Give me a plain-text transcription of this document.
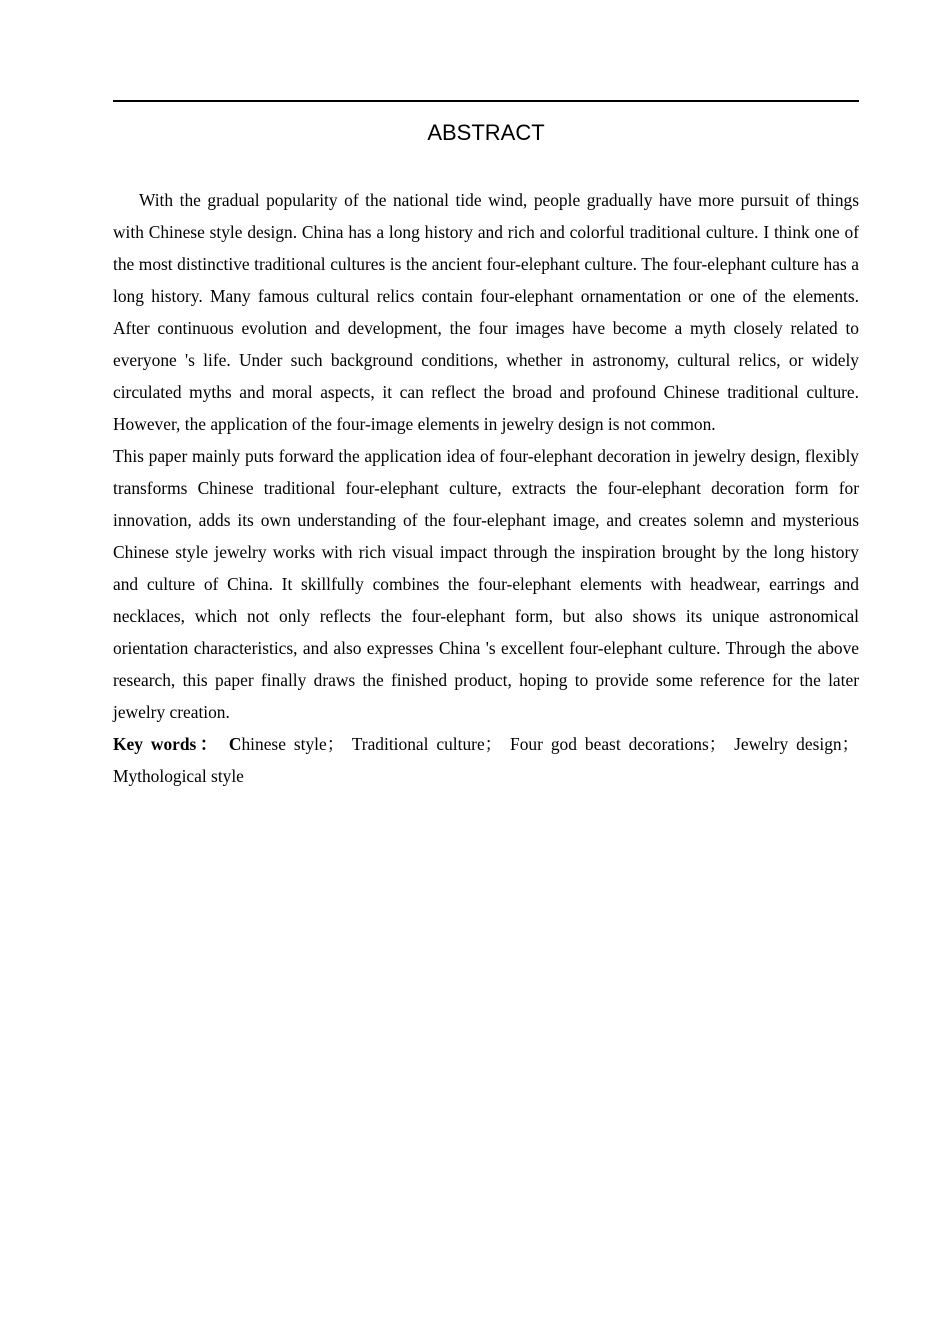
ABSTRACT

With the gradual popularity of the national tide wind, people gradually have more pursuit of things with Chinese style design. China has a long history and rich and colorful traditional culture. I think one of the most distinctive traditional cultures is the ancient four-elephant culture. The four-elephant culture has a long history. Many famous cultural relics contain four-elephant ornamentation or one of the elements. After continuous evolution and development, the four images have become a myth closely related to everyone 's life. Under such background conditions, whether in astronomy, cultural relics, or widely circulated myths and moral aspects, it can reflect the broad and profound Chinese traditional culture. However, the application of the four-image elements in jewelry design is not common.

This paper mainly puts forward the application idea of four-elephant decoration in jewelry design, flexibly transforms Chinese traditional four-elephant culture, extracts the four-elephant decoration form for innovation, adds its own understanding of the four-elephant image, and creates solemn and mysterious Chinese style jewelry works with rich visual impact through the inspiration brought by the long history and culture of China. It skillfully combines the four-elephant elements with headwear, earrings and necklaces, which not only reflects the four-elephant form, but also shows its unique astronomical orientation characteristics, and also expresses China 's excellent four-elephant culture. Through the above research, this paper finally draws the finished product, hoping to provide some reference for the later jewelry creation.

Key words： Chinese style； Traditional culture； Four god beast decorations； Jewelry design；Mythological style
